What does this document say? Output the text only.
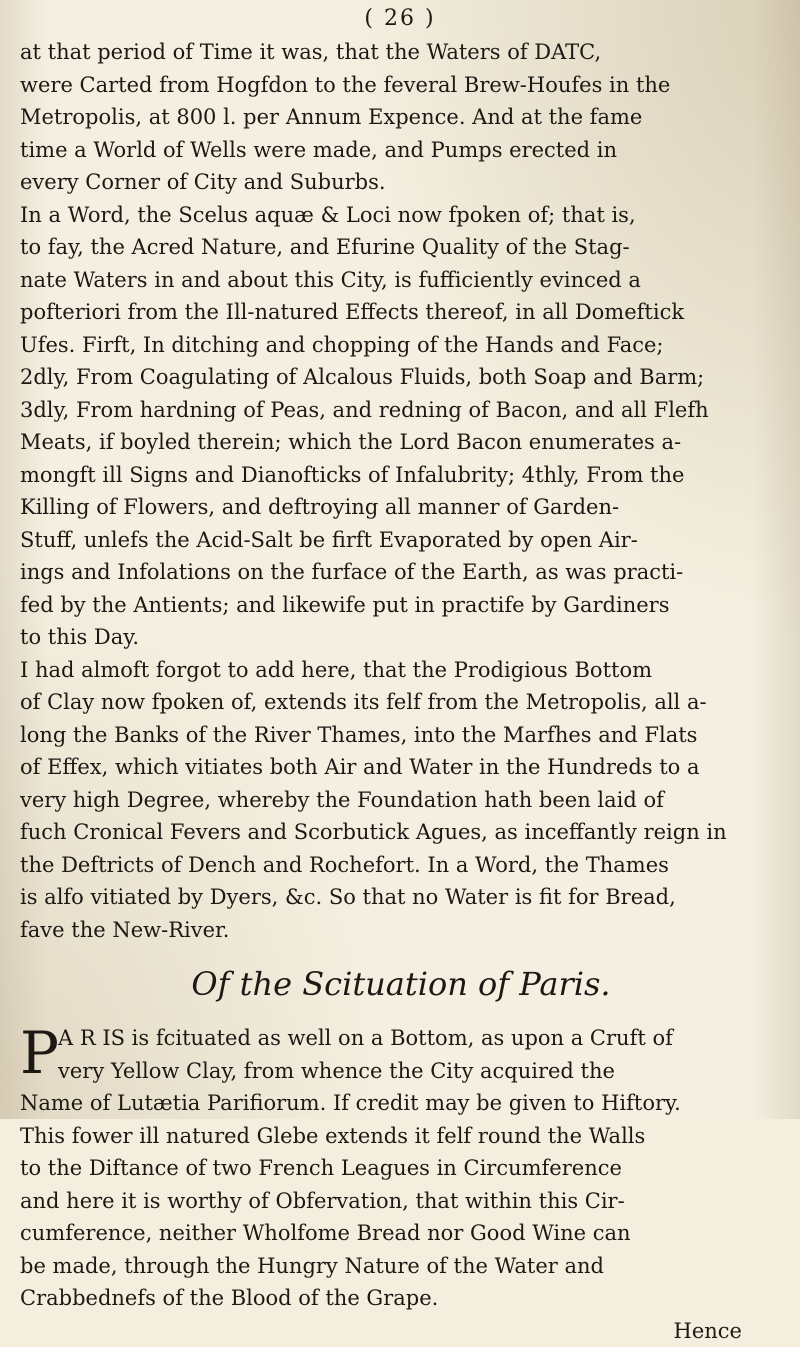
( 26 )
at that period of Time it was, that the Waters of DATC,
were Carted from Hogfdon to the feveral Brew-Houfes in the
Metropolis, at 800 l. per Annum Expence. And at the fame
time a World of Wells were made, and Pumps erected in
every Corner of City and Suburbs.
In a Word, the Scelus aquæ & Loci now fpoken of; that is,
to fay, the Acred Nature, and Efurine Quality of the Stag-
nate Waters in and about this City, is fufficiently evinced a
pofteriori from the Ill-natured Effects thereof, in all Domeftick
Ufes. Firft, In ditching and chopping of the Hands and Face;
2dly, From Coagulating of Alcalous Fluids, both Soap and Barm;
3dly, From hardning of Peas, and redning of Bacon, and all Flefh
Meats, if boyled therein; which the Lord Bacon enumerates a-
mongft ill Signs and Dianofticks of Infalubrity; 4thly, From the
Killing of Flowers, and deftroying all manner of Garden-
Stuff, unlefs the Acid-Salt be firft Evaporated by open Air-
ings and Infolations on the furface of the Earth, as was practi-
fed by the Antients; and likewife put in practife by Gardiners
to this Day.
I had almoft forgot to add here, that the Prodigious Bottom
of Clay now fpoken of, extends its felf from the Metropolis, all a-
long the Banks of the River Thames, into the Marfhes and Flats
of Effex, which vitiates both Air and Water in the Hundreds to a
very high Degree, whereby the Foundation hath been laid of
fuch Cronical Fevers and Scorbutick Agues, as inceffantly reign in
the Deftricts of Dench and Rochefort. In a Word, the Thames
is alfo vitiated by Dyers, &c. So that no Water is fit for Bread,
fave the New-River.
Of the Scituation of Paris.
P
A R IS is fcituated as well on a Bottom, as upon a Cruft of
very Yellow Clay, from whence the City acquired the
Name of Lutætia Parifiorum. If credit may be given to Hiftory.
This fower ill natured Glebe extends it felf round the Walls
to the Diftance of two French Leagues in Circumference
and here it is worthy of Obfervation, that within this Cir-
cumference, neither Wholfome Bread nor Good Wine can
be made, through the Hungry Nature of the Water and
Crabbednefs of the Blood of the Grape.
Hence
